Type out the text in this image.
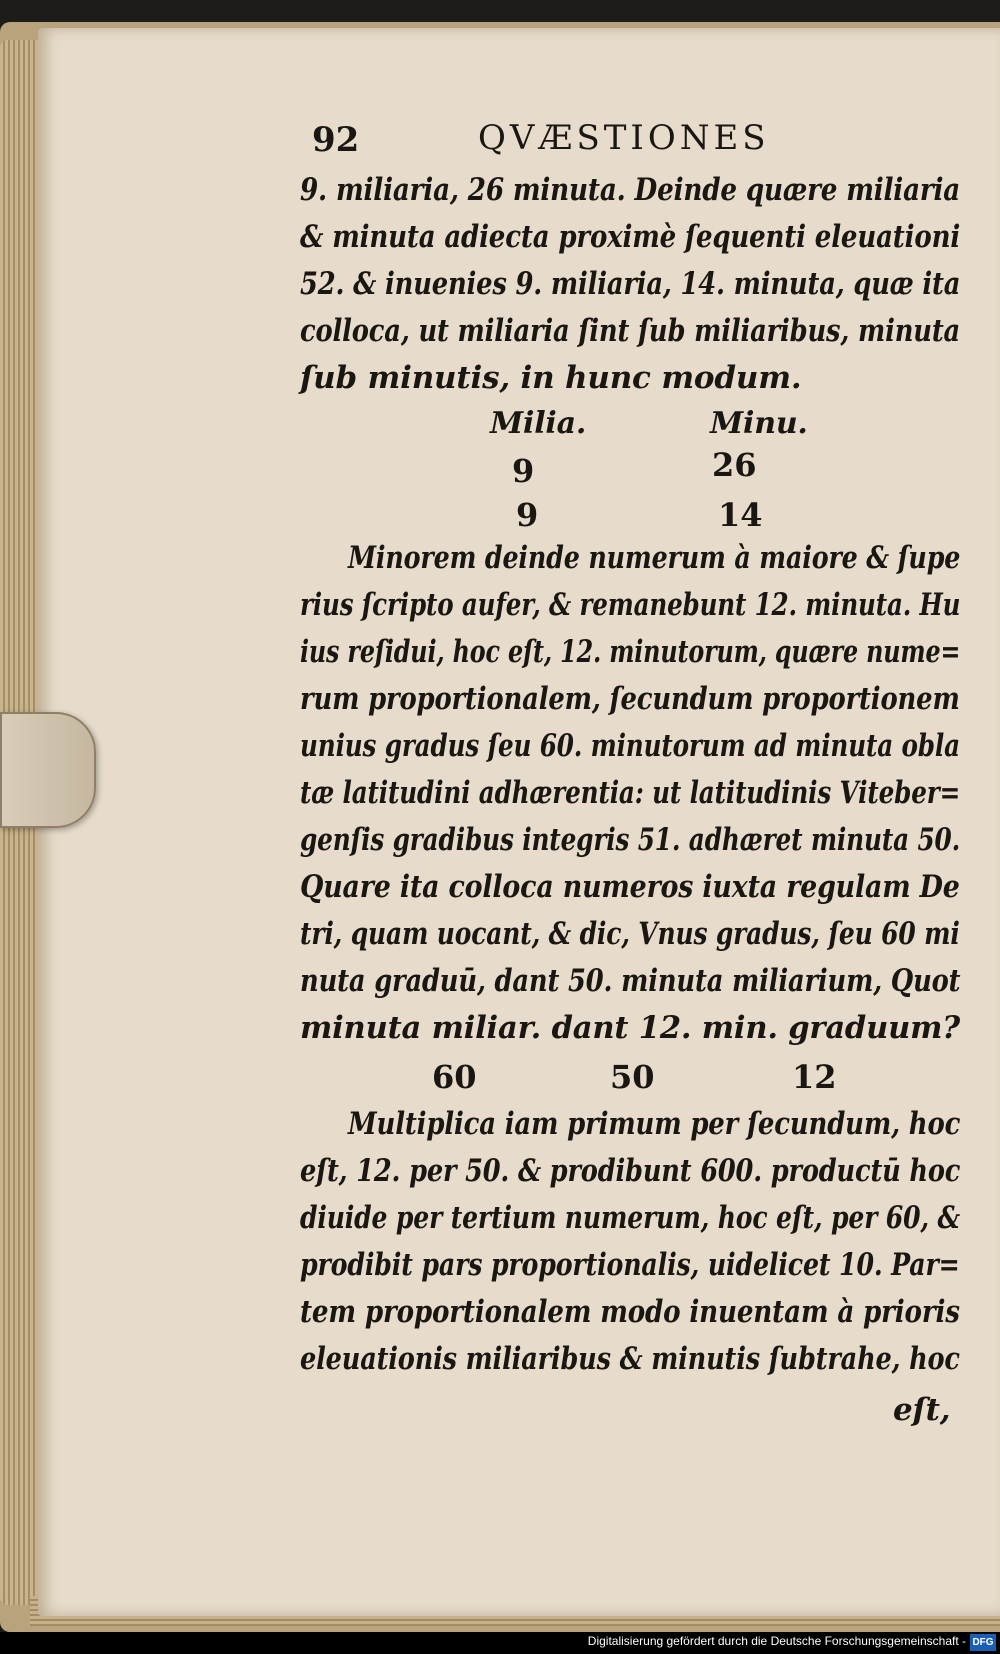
92	QVÆSTIONES
9. miliaria, 26 minuta. Deinde quære miliaria
& minuta adiecta proximè ſequenti eleuationi
52. & inuenies 9. miliaria, 14. minuta, quæ ita
colloca, ut miliaria ſint ſub miliaribus, minuta
ſub minutis, in hunc modum.
Milia.	Minu.
9	26
9	14
Minorem deinde numerum à maiore & ſupe
rius ſcripto aufer, & remanebunt 12. minuta. Hu
ius reſidui, hoc eſt, 12. minutorum, quære nume=
rum proportionalem, ſecundum proportionem
unius gradus ſeu 60. minutorum ad minuta obla
tæ latitudini adhærentia: ut latitudinis Viteber=
genſis gradibus integris 51. adhæret minuta 50.
Quare ita colloca numeros iuxta regulam De
tri, quam uocant, & dic, Vnus gradus, ſeu 60 mi
nuta graduū, dant 50. minuta miliarium, Quot
minuta miliar. dant 12. min. graduum?
60	50	12
Multiplica iam primum per ſecundum, hoc
eſt, 12. per 50. & prodibunt 600. productū hoc
diuide per tertium numerum, hoc eſt, per 60, &
prodibit pars proportionalis, uidelicet 10. Par=
tem proportionalem modo inuentam à prioris
eleuationis miliaribus & minutis ſubtrahe, hoc
eſt,
Digitalisierung gefördert durch die Deutsche Forschungsgemeinschaft - DFG
